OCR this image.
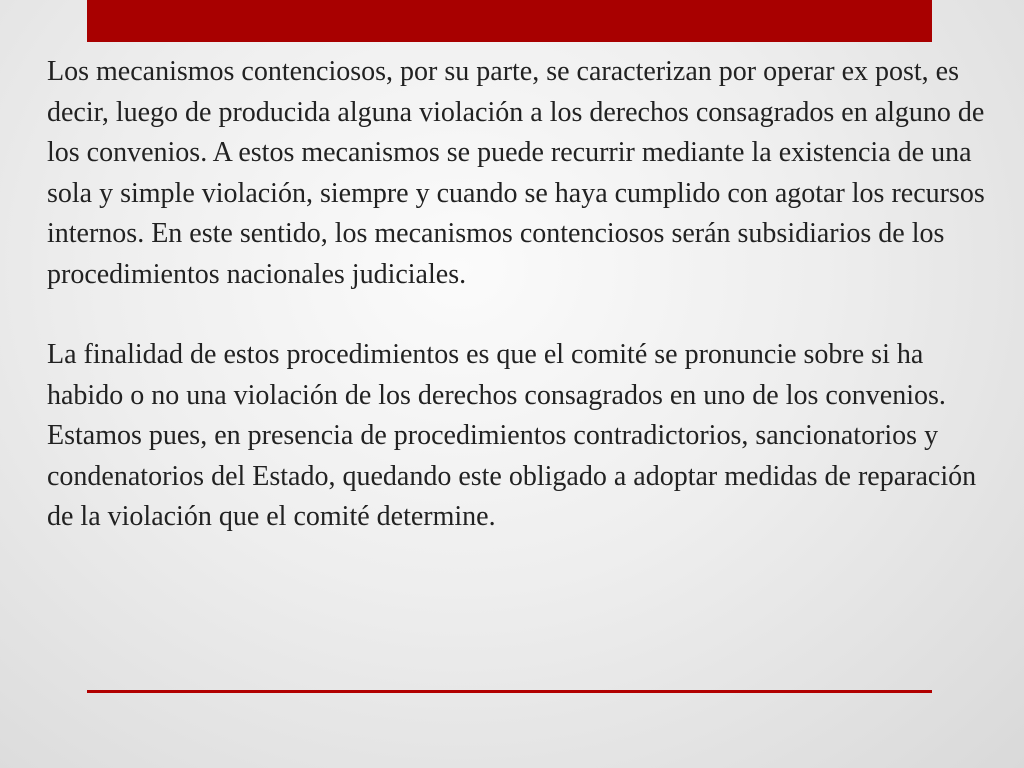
Los mecanismos contenciosos, por su parte, se caracterizan por operar ex post, es decir, luego de producida alguna violación a los derechos consagrados en alguno de los convenios. A estos mecanismos se puede recurrir mediante la existencia de una sola y simple violación, siempre y cuando se haya cumplido con agotar los recursos internos. En este sentido, los mecanismos contenciosos serán subsidiarios de los procedimientos nacionales judiciales.

La finalidad de estos procedimientos es que el comité se pronuncie sobre si ha habido o no una violación de los derechos consagrados en uno de los convenios. Estamos pues, en presencia de procedimientos contradictorios, sancionatorios y condenatorios del Estado, quedando este obligado a adoptar medidas de reparación de la violación que el comité determine.
